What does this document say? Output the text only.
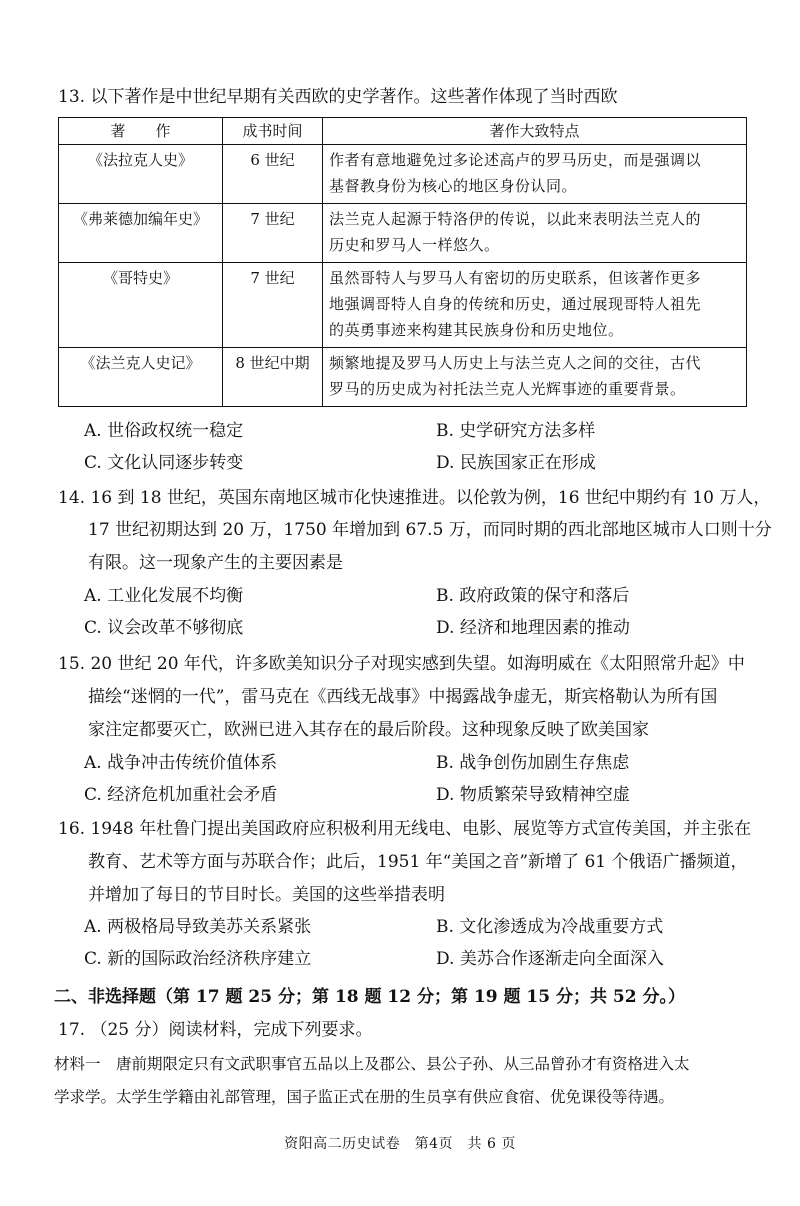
13. 以下著作是中世纪早期有关西欧的史学著作。这些著作体现了当时西欧
著　　作	成书时间	著作大致特点
《法拉克人史》	6 世纪	作者有意地避免过多论述高卢的罗马历史，而是强调以
基督教身份为核心的地区身份认同。

《弗莱德加编年史》	7 世纪	法兰克人起源于特洛伊的传说，以此来表明法兰克人的
历史和罗马人一样悠久。

《哥特史》	7 世纪	虽然哥特人与罗马人有密切的历史联系，但该著作更多
地强调哥特人自身的传统和历史，通过展现哥特人祖先
的英勇事迹来构建其民族身份和历史地位。

《法兰克人史记》	8 世纪中期	频繁地提及罗马人历史上与法兰克人之间的交往，古代
罗马的历史成为衬托法兰克人光辉事迹的重要背景。
A. 世俗政权统一稳定	B. 史学研究方法多样
C. 文化认同逐步转变	D. 民族国家正在形成
14. 16 到 18 世纪，英国东南地区城市化快速推进。以伦敦为例，16 世纪中期约有 10 万人，
17 世纪初期达到 20 万，1750 年增加到 67.5 万，而同时期的西北部地区城市人口则十分
有限。这一现象产生的主要因素是
A. 工业化发展不均衡	B. 政府政策的保守和落后
C. 议会改革不够彻底	D. 经济和地理因素的推动
15. 20 世纪 20 年代，许多欧美知识分子对现实感到失望。如海明威在《太阳照常升起》中
描绘“迷惘的一代”，雷马克在《西线无战事》中揭露战争虚无，斯宾格勒认为所有国
家注定都要灭亡，欧洲已进入其存在的最后阶段。这种现象反映了欧美国家
A. 战争冲击传统价值体系	B. 战争创伤加剧生存焦虑
C. 经济危机加重社会矛盾	D. 物质繁荣导致精神空虚
16. 1948 年杜鲁门提出美国政府应积极利用无线电、电影、展览等方式宣传美国，并主张在
教育、艺术等方面与苏联合作；此后，1951 年“美国之音”新增了 61 个俄语广播频道，
并增加了每日的节目时长。美国的这些举措表明
A. 两极格局导致美苏关系紧张	B. 文化渗透成为冷战重要方式
C. 新的国际政治经济秩序建立	D. 美苏合作逐渐走向全面深入
二、非选择题（第 17 题 25 分；第 18 题 12 分；第 19 题 15 分；共 52 分。）
17. （25 分）阅读材料，完成下列要求。
材料一　唐前期限定只有文武职事官五品以上及郡公、县公子孙、从三品曾孙才有资格进入太
学求学。太学生学籍由礼部管理，国子监正式在册的生员享有供应食宿、优免课役等待遇。
资阳高二历史试卷　第4页　共 6 页
